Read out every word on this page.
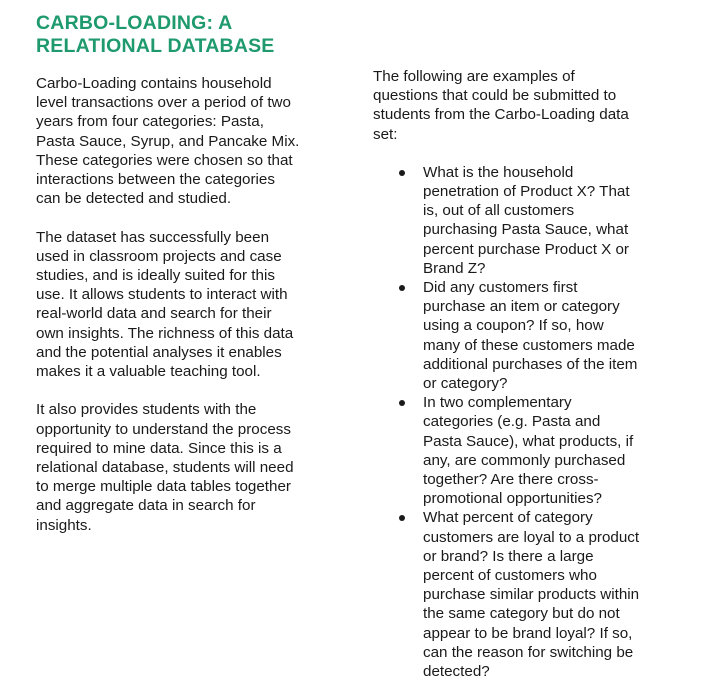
CARBO-LOADING: A
RELATIONAL DATABASE

Carbo-Loading contains household
level transactions over a period of two
years from four categories: Pasta,
Pasta Sauce, Syrup, and Pancake Mix.
These categories were chosen so that
interactions between the categories
can be detected and studied.

The dataset has successfully been
used in classroom projects and case
studies, and is ideally suited for this
use. It allows students to interact with
real-world data and search for their
own insights. The richness of this data
and the potential analyses it enables
makes it a valuable teaching tool.

It also provides students with the
opportunity to understand the process
required to mine data. Since this is a
relational database, students will need
to merge multiple data tables together
and aggregate data in search for
insights.

The following are examples of
questions that could be submitted to
students from the Carbo-Loading data
set:

What is the household
penetration of Product X? That
is, out of all customers
purchasing Pasta Sauce, what
percent purchase Product X or
Brand Z?
Did any customers first
purchase an item or category
using a coupon? If so, how
many of these customers made
additional purchases of the item
or category?
In two complementary
categories (e.g. Pasta and
Pasta Sauce), what products, if
any, are commonly purchased
together? Are there cross-
promotional opportunities?
What percent of category
customers are loyal to a product
or brand? Is there a large
percent of customers who
purchase similar products within
the same category but do not
appear to be brand loyal? If so,
can the reason for switching be
detected?
